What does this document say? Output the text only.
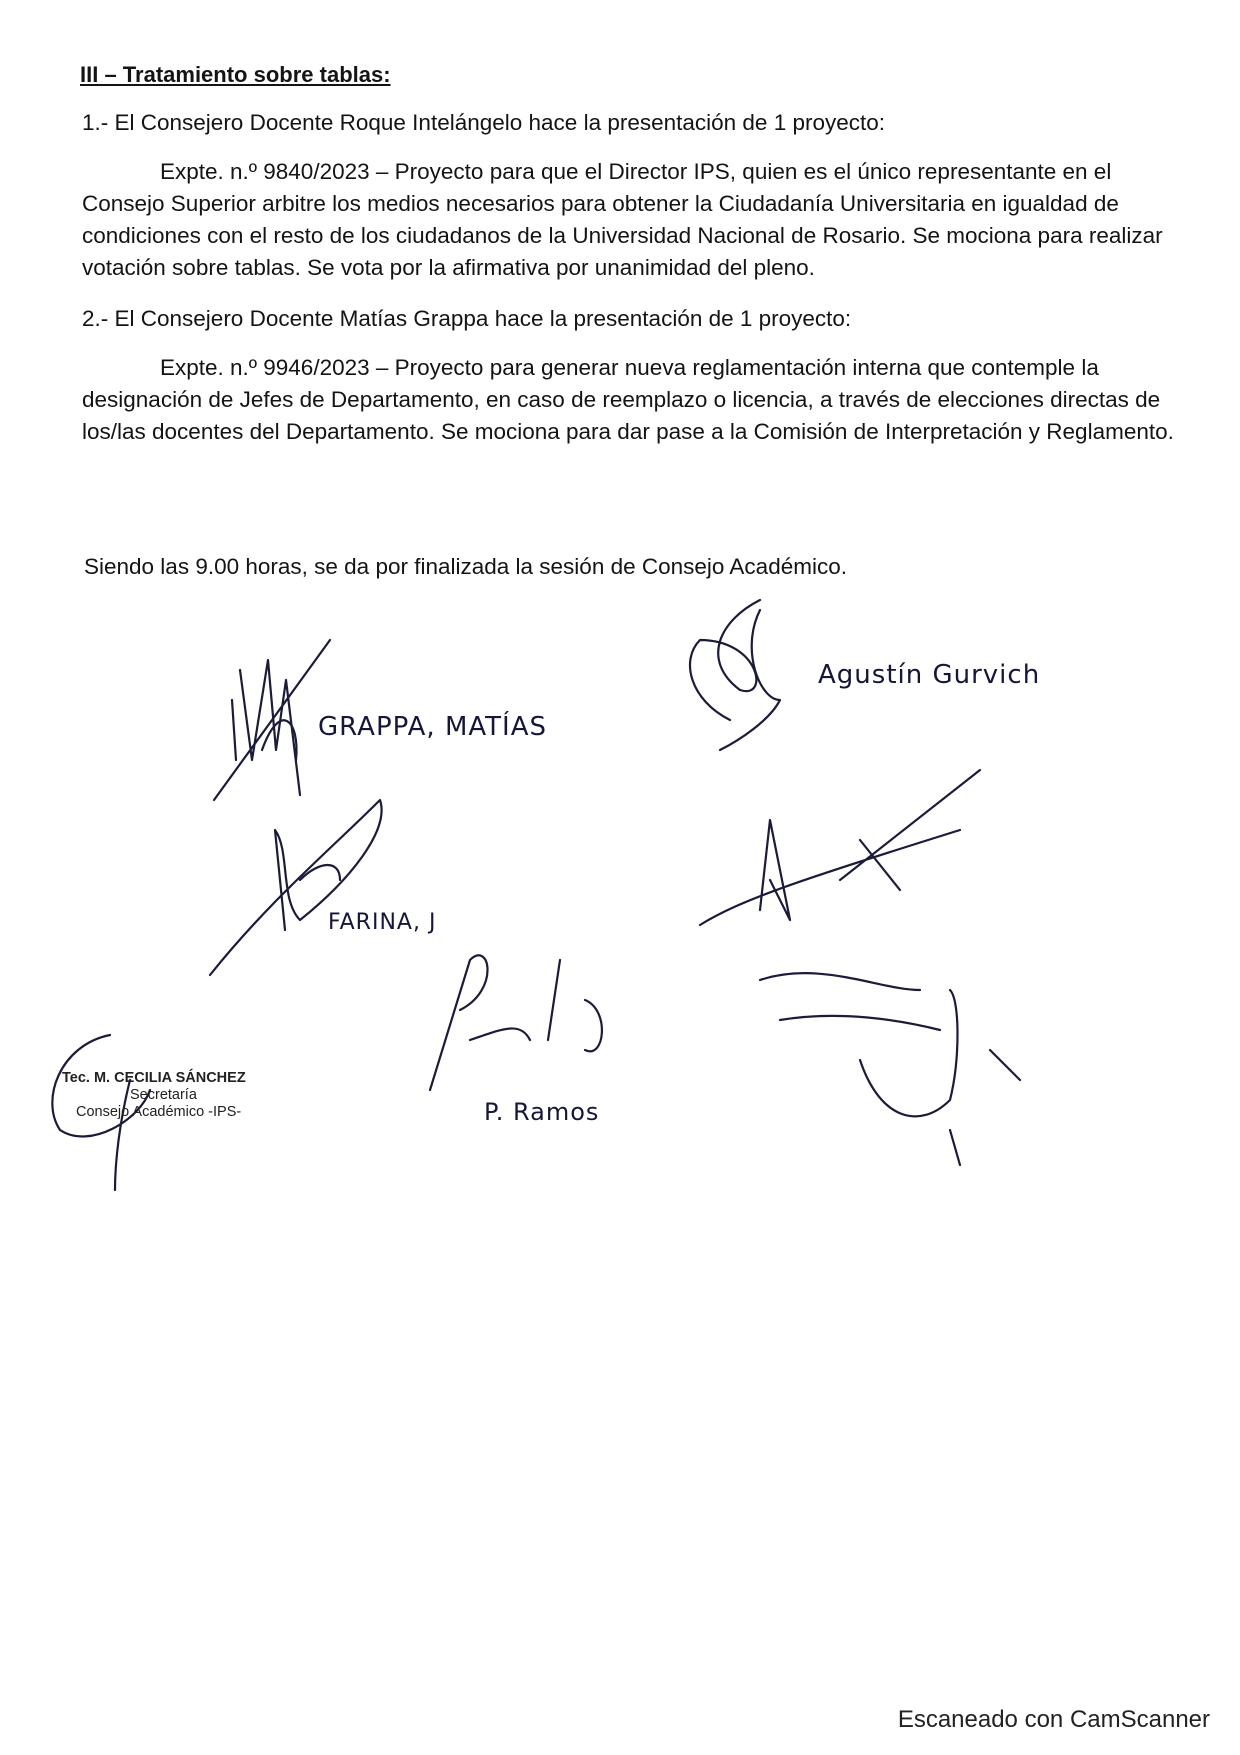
III – Tratamiento sobre tablas:
1.- El Consejero Docente Roque Intelángelo hace la presentación de 1 proyecto:
Expte. n.º 9840/2023 – Proyecto para que el Director IPS, quien es el único representante en el Consejo Superior arbitre los medios necesarios para obtener la Ciudadanía Universitaria en igualdad de condiciones con el resto de los ciudadanos de la Universidad Nacional de Rosario. Se mociona para realizar votación sobre tablas. Se vota por la afirmativa por unanimidad del pleno.
2.- El Consejero Docente Matías Grappa hace la presentación de 1 proyecto:
Expte. n.º 9946/2023 – Proyecto para generar nueva reglamentación interna que contemple la designación de Jefes de Departamento, en caso de reemplazo o licencia, a través de elecciones directas de los/las docentes del Departamento. Se mociona para dar pase a la Comisión de Interpretación y Reglamento.
Siendo las 9.00 horas, se da por finalizada la sesión de Consejo Académico.
GRAPPA, MATÍAS
Agustín Gurvich
FARINA, J
P. Ramos
Tec. M. CECILIA SÁNCHEZ
Secretaría
Consejo Académico -IPS-
Escaneado con CamScanner
